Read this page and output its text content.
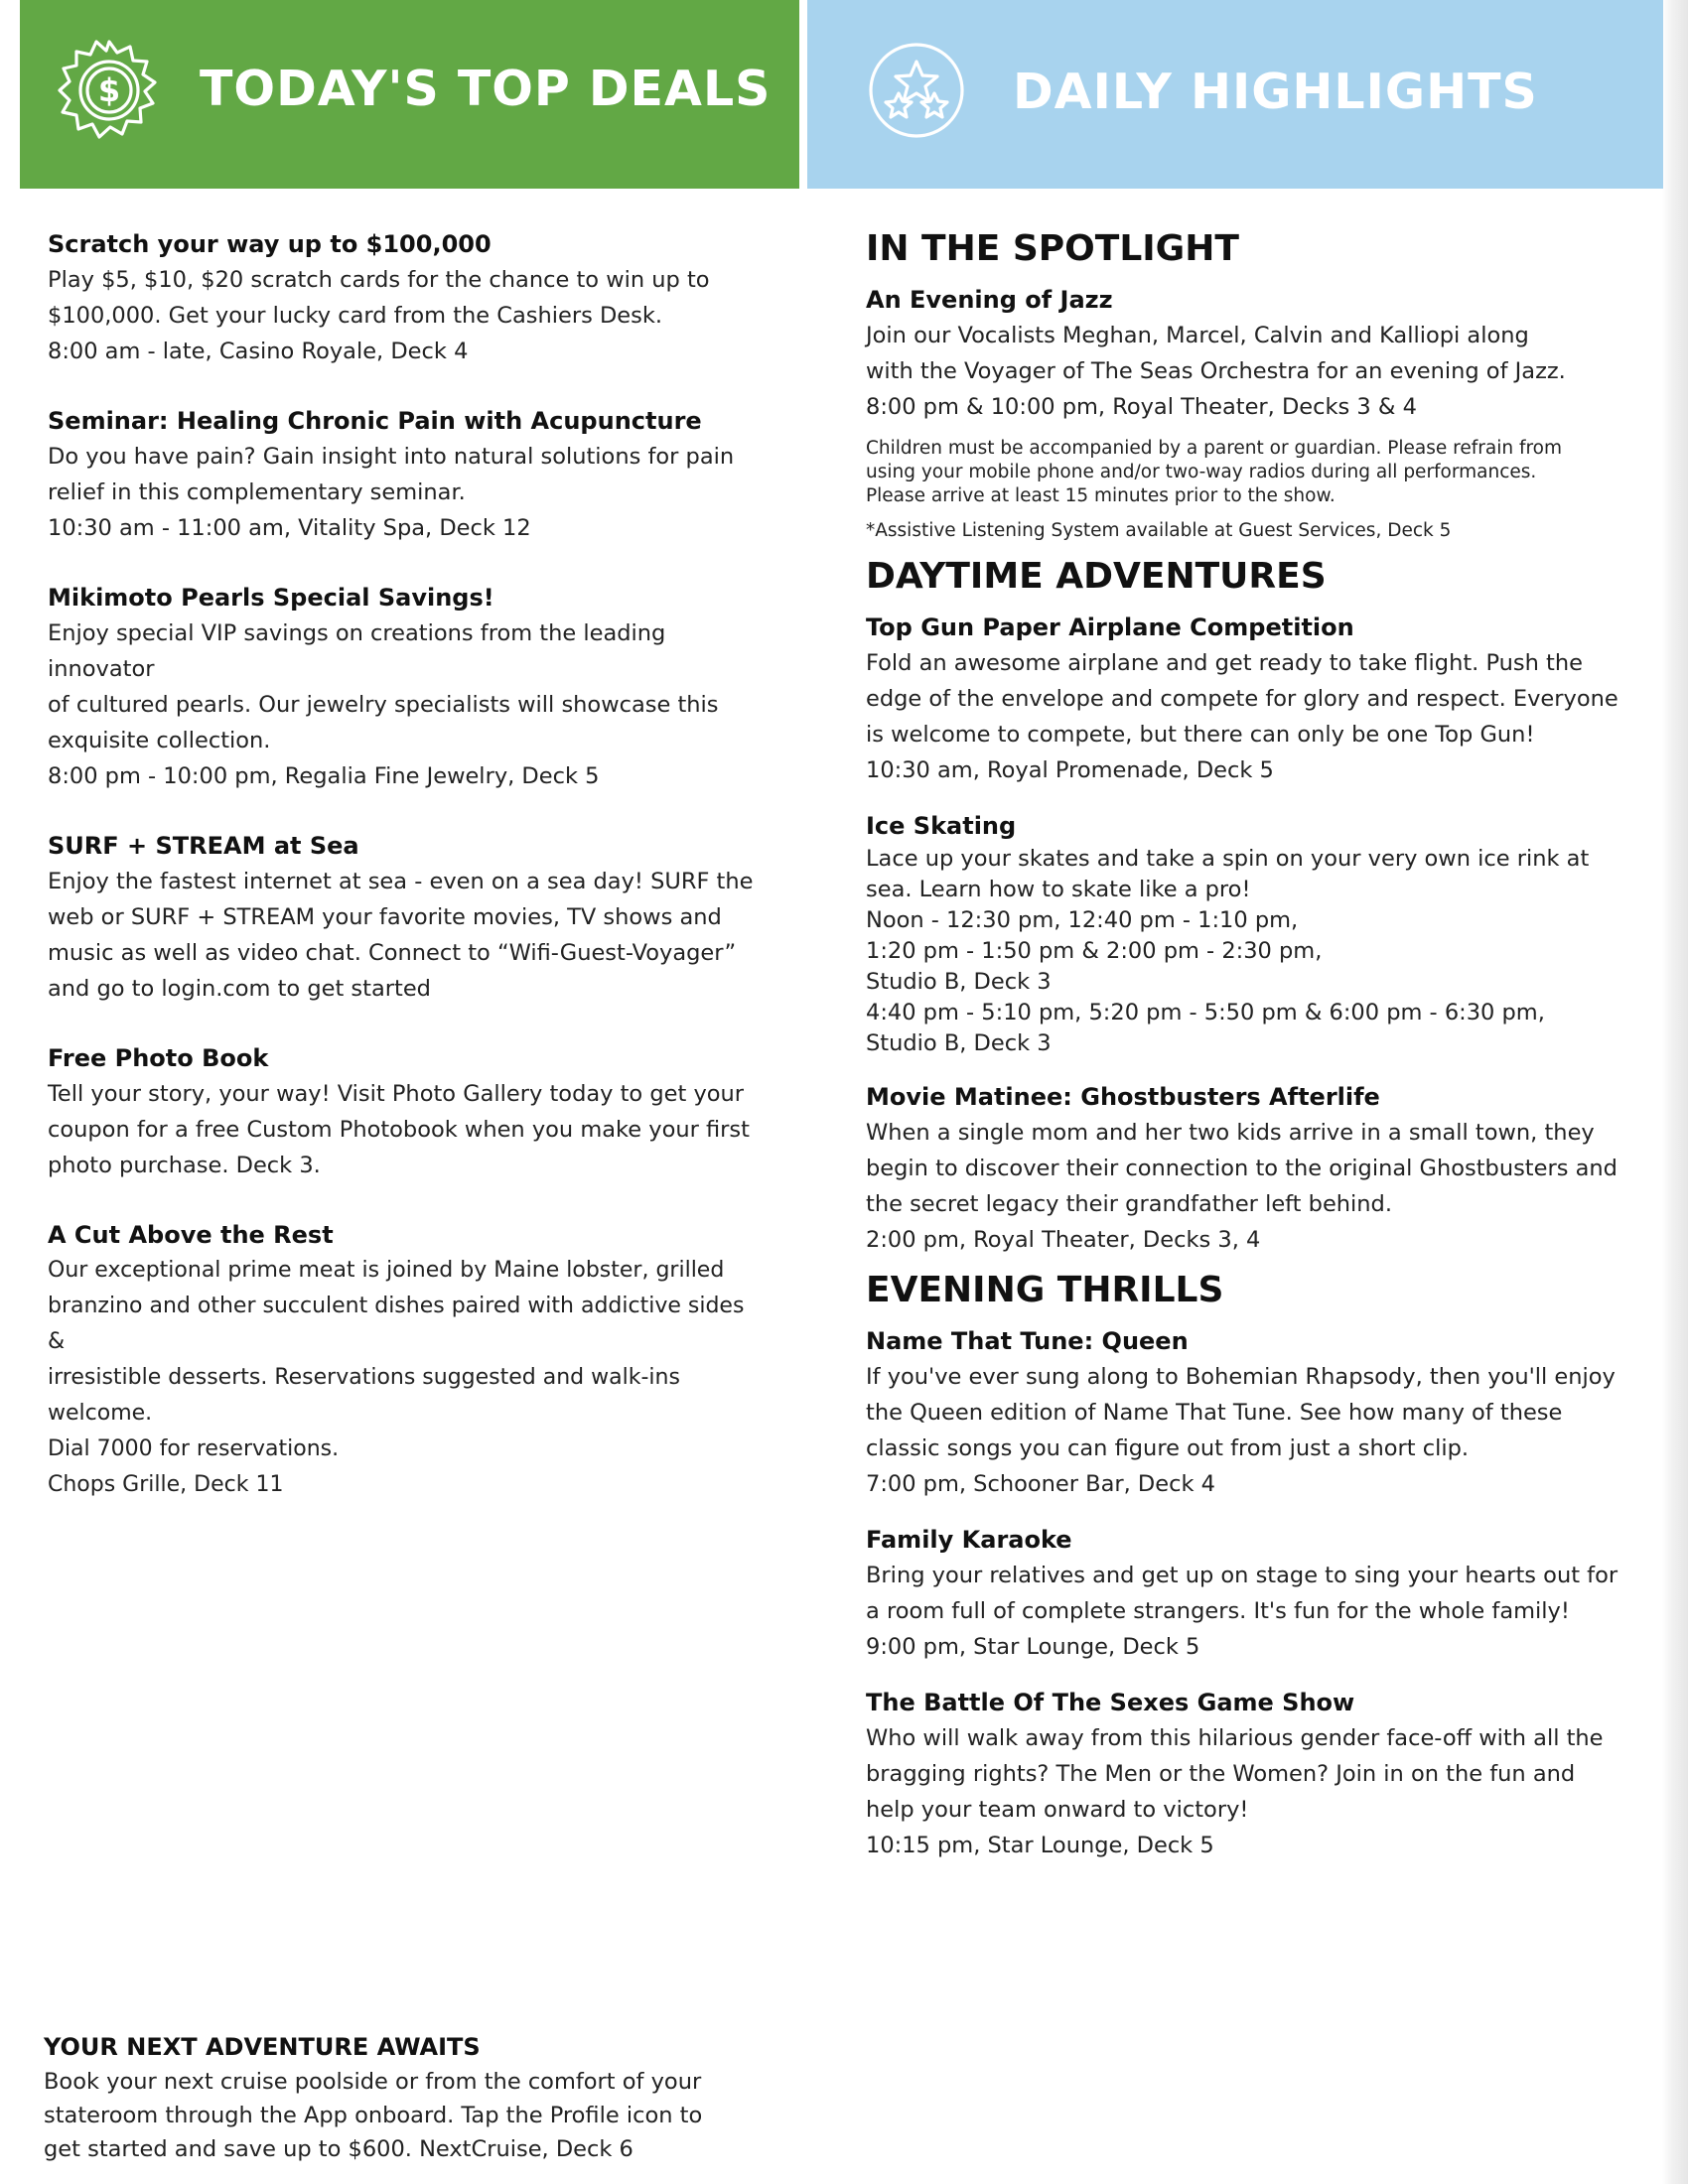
$ TODAY'S TOP DEALS	DAILY HIGHLIGHTS

Scratch your way up to $100,000

Play $5, $10, $20 scratch cards for the chance to win up to
$100,000. Get your lucky card from the Cashiers Desk.
8:00 am - late, Casino Royale, Deck 4

Seminar: Healing Chronic Pain with Acupuncture

Do you have pain? Gain insight into natural solutions for pain
relief in this complementary seminar.
10:30 am - 11:00 am, Vitality Spa, Deck 12

Mikimoto Pearls Special Savings!

Enjoy special VIP savings on creations from the leading innovator
of cultured pearls. Our jewelry specialists will showcase this
exquisite collection.
8:00 pm - 10:00 pm, Regalia Fine Jewelry, Deck 5

SURF + STREAM at Sea

Enjoy the fastest internet at sea - even on a sea day! SURF the
web or SURF + STREAM your favorite movies, TV shows and
music as well as video chat. Connect to “Wifi-Guest-Voyager”
and go to login.com to get started

Free Photo Book

Tell your story, your way! Visit Photo Gallery today to get your
coupon for a free Custom Photobook when you make your first
photo purchase. Deck 3.

A Cut Above the Rest

Our exceptional prime meat is joined by Maine lobster, grilled
branzino and other succulent dishes paired with addictive sides &
irresistible desserts. Reservations suggested and walk-ins welcome.
Dial 7000 for reservations.
Chops Grille, Deck 11

YOUR NEXT ADVENTURE AWAITS

Book your next cruise poolside or from the comfort of your
stateroom through the App onboard. Tap the Profile icon to
get started and save up to $600. NextCruise, Deck 6

IN THE SPOTLIGHT

An Evening of Jazz

Join our Vocalists Meghan, Marcel, Calvin and Kalliopi along
with the Voyager of The Seas Orchestra for an evening of Jazz.
8:00 pm & 10:00 pm, Royal Theater, Decks 3 & 4

Children must be accompanied by a parent or guardian. Please refrain from
using your mobile phone and/or two-way radios during all performances.
Please arrive at least 15 minutes prior to the show.

*Assistive Listening System available at Guest Services, Deck 5

DAYTIME ADVENTURES

Top Gun Paper Airplane Competition

Fold an awesome airplane and get ready to take flight. Push the
edge of the envelope and compete for glory and respect. Everyone
is welcome to compete, but there can only be one Top Gun!
10:30 am, Royal Promenade, Deck 5

Ice Skating

Lace up your skates and take a spin on your very own ice rink at
sea. Learn how to skate like a pro!
Noon - 12:30 pm, 12:40 pm - 1:10 pm,
1:20 pm - 1:50 pm & 2:00 pm - 2:30 pm,
Studio B, Deck 3
4:40 pm - 5:10 pm, 5:20 pm - 5:50 pm & 6:00 pm - 6:30 pm,
Studio B, Deck 3

Movie Matinee: Ghostbusters Afterlife

When a single mom and her two kids arrive in a small town, they
begin to discover their connection to the original Ghostbusters and
the secret legacy their grandfather left behind.
2:00 pm, Royal Theater, Decks 3, 4

EVENING THRILLS

Name That Tune: Queen

If you've ever sung along to Bohemian Rhapsody, then you'll enjoy
the Queen edition of Name That Tune. See how many of these
classic songs you can figure out from just a short clip.
7:00 pm, Schooner Bar, Deck 4

Family Karaoke

Bring your relatives and get up on stage to sing your hearts out for
a room full of complete strangers. It's fun for the whole family!
9:00 pm, Star Lounge, Deck 5

The Battle Of The Sexes Game Show

Who will walk away from this hilarious gender face-off with all the
bragging rights? The Men or the Women? Join in on the fun and
help your team onward to victory!
10:15 pm, Star Lounge, Deck 5
